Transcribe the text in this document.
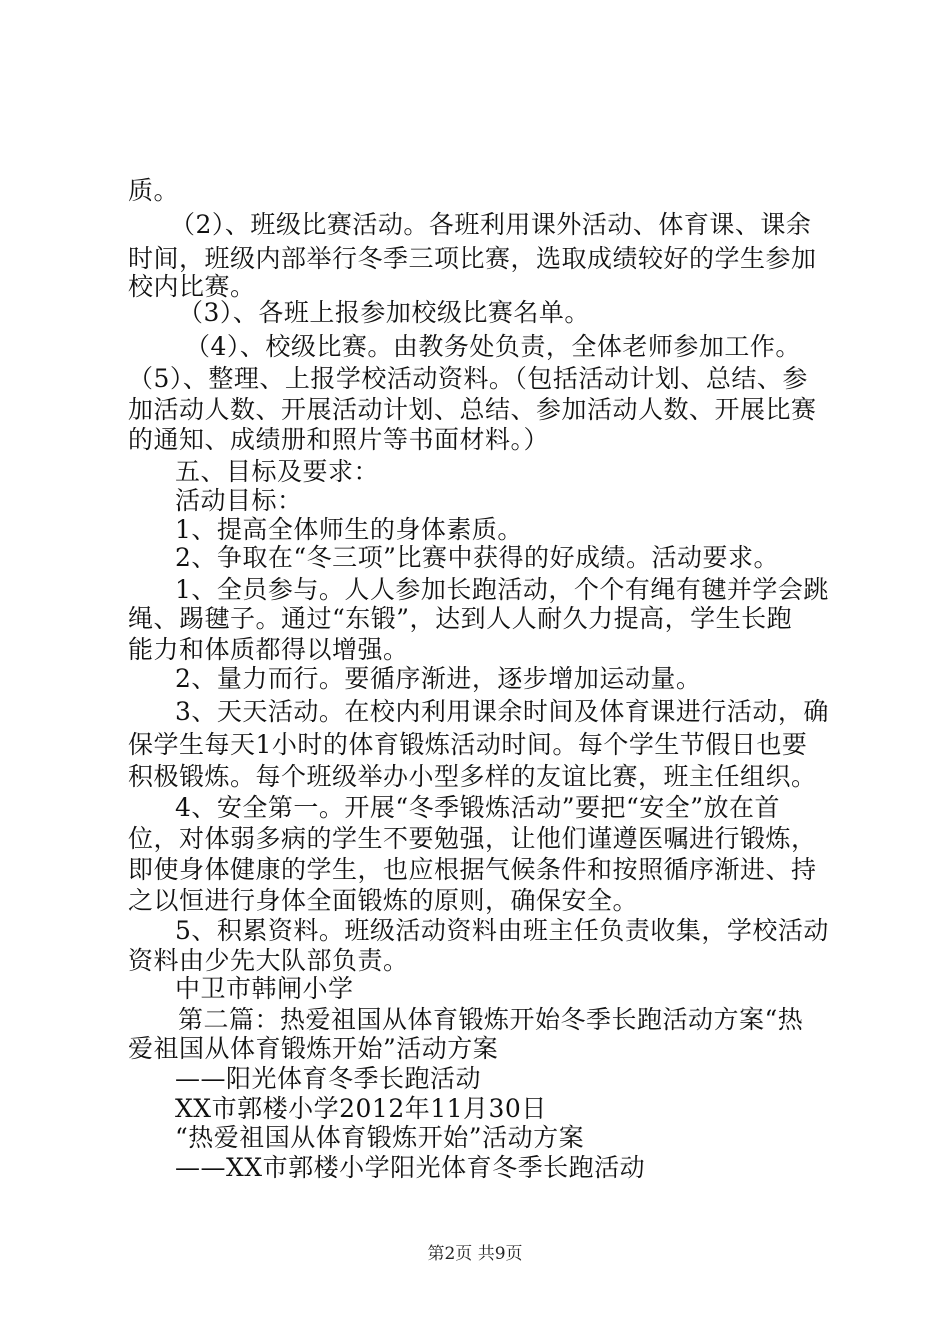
质。
（2）、班级比赛活动。各班利用课外活动、体育课、课余
时间，班级内部举行冬季三项比赛，选取成绩较好的学生参加
校内比赛。
（3）、各班上报参加校级比赛名单。
（4）、校级比赛。由教务处负责，全体老师参加工作。
（5）、整理、上报学校活动资料。（包括活动计划、总结、参
加活动人数、开展活动计划、总结、参加活动人数、开展比赛
的通知、成绩册和照片等书面材料。）
五、目标及要求：
活动目标：
1、提高全体师生的身体素质。
2、争取在“冬三项”比赛中获得的好成绩。活动要求。
1、全员参与。人人参加长跑活动，个个有绳有毽并学会跳
绳、踢毽子。通过“东锻”，达到人人耐久力提高，学生长跑
能力和体质都得以增强。
2、量力而行。要循序渐进，逐步增加运动量。
3、天天活动。在校内利用课余时间及体育课进行活动，确
保学生每天1小时的体育锻炼活动时间。每个学生节假日也要
积极锻炼。每个班级举办小型多样的友谊比赛，班主任组织。
4、安全第一。开展“冬季锻炼活动”要把“安全”放在首
位，对体弱多病的学生不要勉强，让他们谨遵医嘱进行锻炼，
即使身体健康的学生，也应根据气候条件和按照循序渐进、持
之以恒进行身体全面锻炼的原则，确保安全。
5、积累资料。班级活动资料由班主任负责收集，学校活动
资料由少先大队部负责。
中卫市韩闸小学
第二篇：热爱祖国从体育锻炼开始冬季长跑活动方案“热
爱祖国从体育锻炼开始”活动方案
——阳光体育冬季长跑活动
XX市郭楼小学2012年11月30日
“热爱祖国从体育锻炼开始”活动方案
——XX市郭楼小学阳光体育冬季长跑活动
第2页 共9页
